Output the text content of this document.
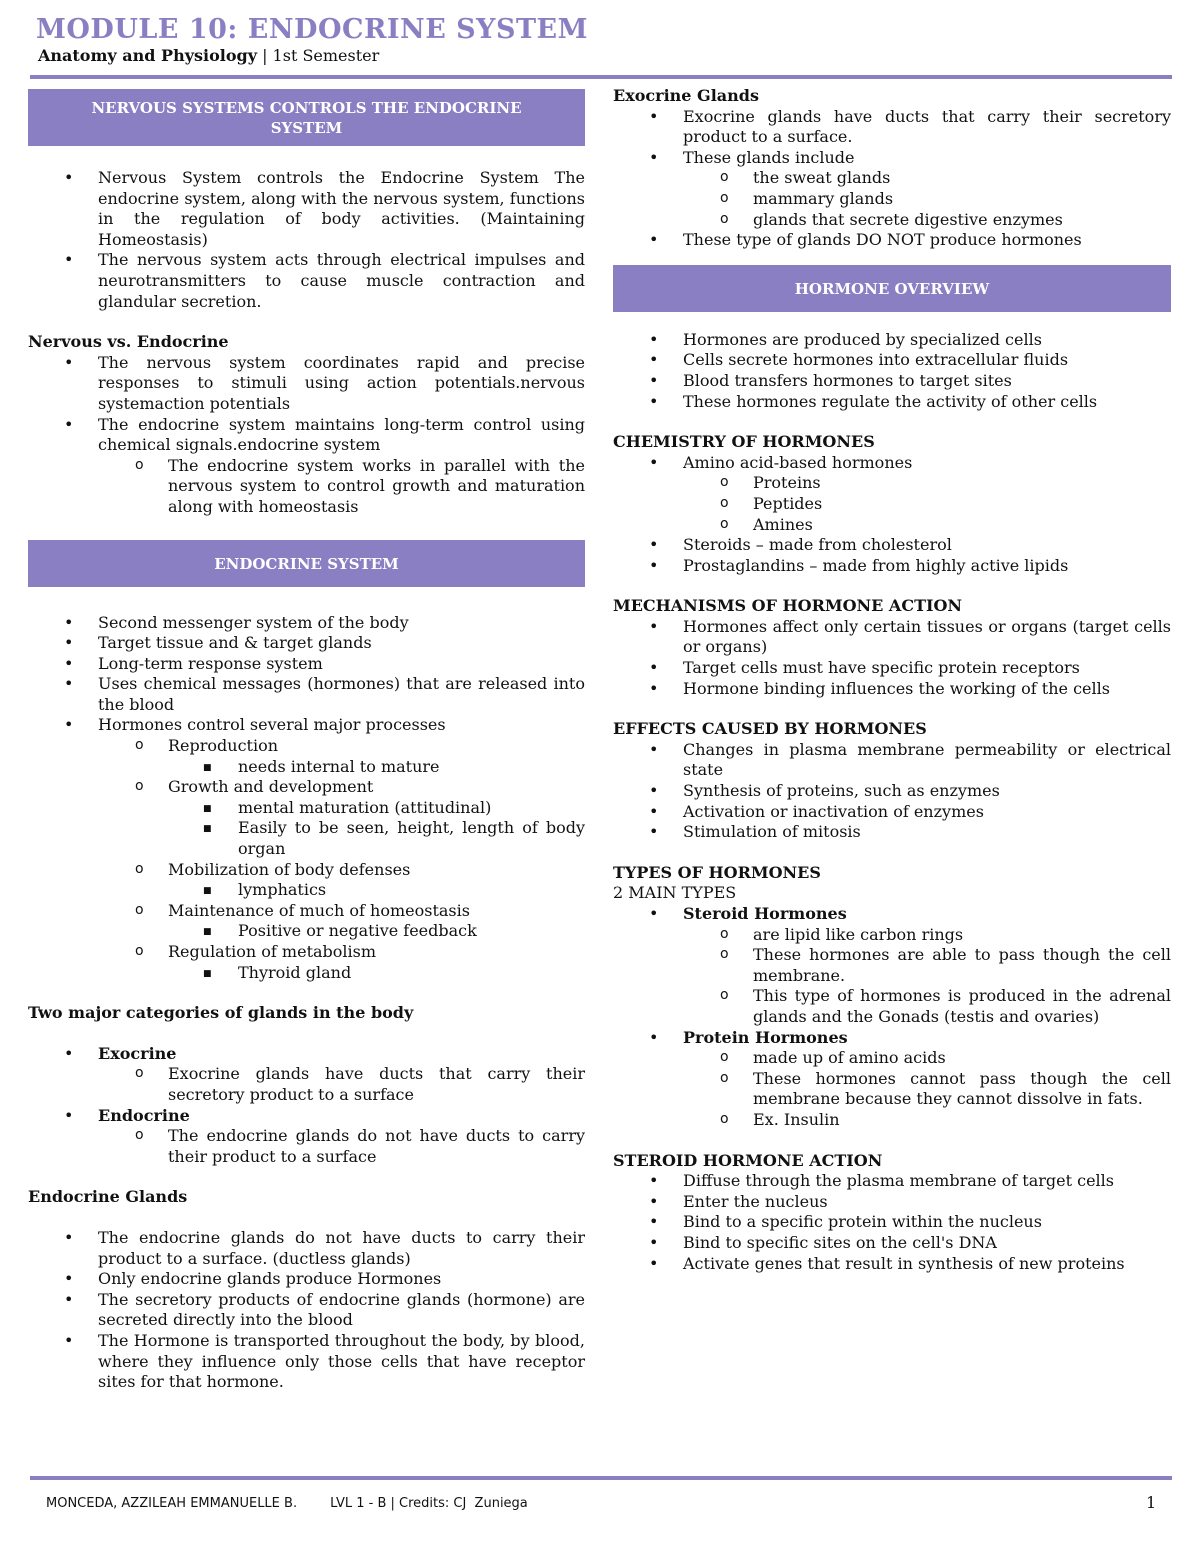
MODULE 10: ENDOCRINE SYSTEM
Anatomy and Physiology | 1st Semester
NERVOUS SYSTEMS CONTROLS THE ENDOCRINE SYSTEM
• Nervous System controls the Endocrine System The endocrine system, along with the nervous system, functions in the regulation of body activities. (Maintaining Homeostasis)
• The nervous system acts through electrical impulses and neurotransmitters to cause muscle contraction and glandular secretion.
Nervous vs. Endocrine
• The nervous system coordinates rapid and precise responses to stimuli using action potentials.nervous systemaction potentials
• The endocrine system maintains long-term control using chemical signals.endocrine system
o The endocrine system works in parallel with the nervous system to control growth and maturation along with homeostasis
ENDOCRINE SYSTEM
• Second messenger system of the body
• Target tissue and & target glands
• Long-term response system
• Uses chemical messages (hormones) that are released into the blood
• Hormones control several major processes
o Reproduction
■ needs internal to mature
o Growth and development
■ mental maturation (attitudinal)
■ Easily to be seen, height, length of body organ
o Mobilization of body defenses
■ lymphatics
o Maintenance of much of homeostasis
■ Positive or negative feedback
o Regulation of metabolism
■ Thyroid gland
Two major categories of glands in the body
• Exocrine
o Exocrine glands have ducts that carry their secretory product to a surface
• Endocrine
o The endocrine glands do not have ducts to carry their product to a surface
Endocrine Glands
• The endocrine glands do not have ducts to carry their product to a surface. (ductless glands)
• Only endocrine glands produce Hormones
• The secretory products of endocrine glands (hormone) are secreted directly into the blood
• The Hormone is transported throughout the body, by blood, where they influence only those cells that have receptor sites for that hormone.
Exocrine Glands
• Exocrine glands have ducts that carry their secretory product to a surface.
• These glands include
o the sweat glands
o mammary glands
o glands that secrete digestive enzymes
• These type of glands DO NOT produce hormones
HORMONE OVERVIEW
• Hormones are produced by specialized cells
• Cells secrete hormones into extracellular fluids
• Blood transfers hormones to target sites
• These hormones regulate the activity of other cells
CHEMISTRY OF HORMONES
• Amino acid-based hormones
o Proteins
o Peptides
o Amines
• Steroids – made from cholesterol
• Prostaglandins – made from highly active lipids
MECHANISMS OF HORMONE ACTION
• Hormones affect only certain tissues or organs (target cells or organs)
• Target cells must have specific protein receptors
• Hormone binding influences the working of the cells
EFFECTS CAUSED BY HORMONES
• Changes in plasma membrane permeability or electrical state
• Synthesis of proteins, such as enzymes
• Activation or inactivation of enzymes
• Stimulation of mitosis
TYPES OF HORMONES
2 MAIN TYPES
• Steroid Hormones
o are lipid like carbon rings
o These hormones are able to pass though the cell membrane.
o This type of hormones is produced in the adrenal glands and the Gonads (testis and ovaries)
• Protein Hormones
o made up of amino acids
o These hormones cannot pass though the cell membrane because they cannot dissolve in fats.
o Ex. Insulin
STEROID HORMONE ACTION
• Diffuse through the plasma membrane of target cells
• Enter the nucleus
• Bind to a specific protein within the nucleus
• Bind to specific sites on the cell's DNA
• Activate genes that result in synthesis of new proteins
MONCEDA, AZZILEAH EMMANUELLE B.        LVL 1 - B | Credits: CJ  Zuniega	1
